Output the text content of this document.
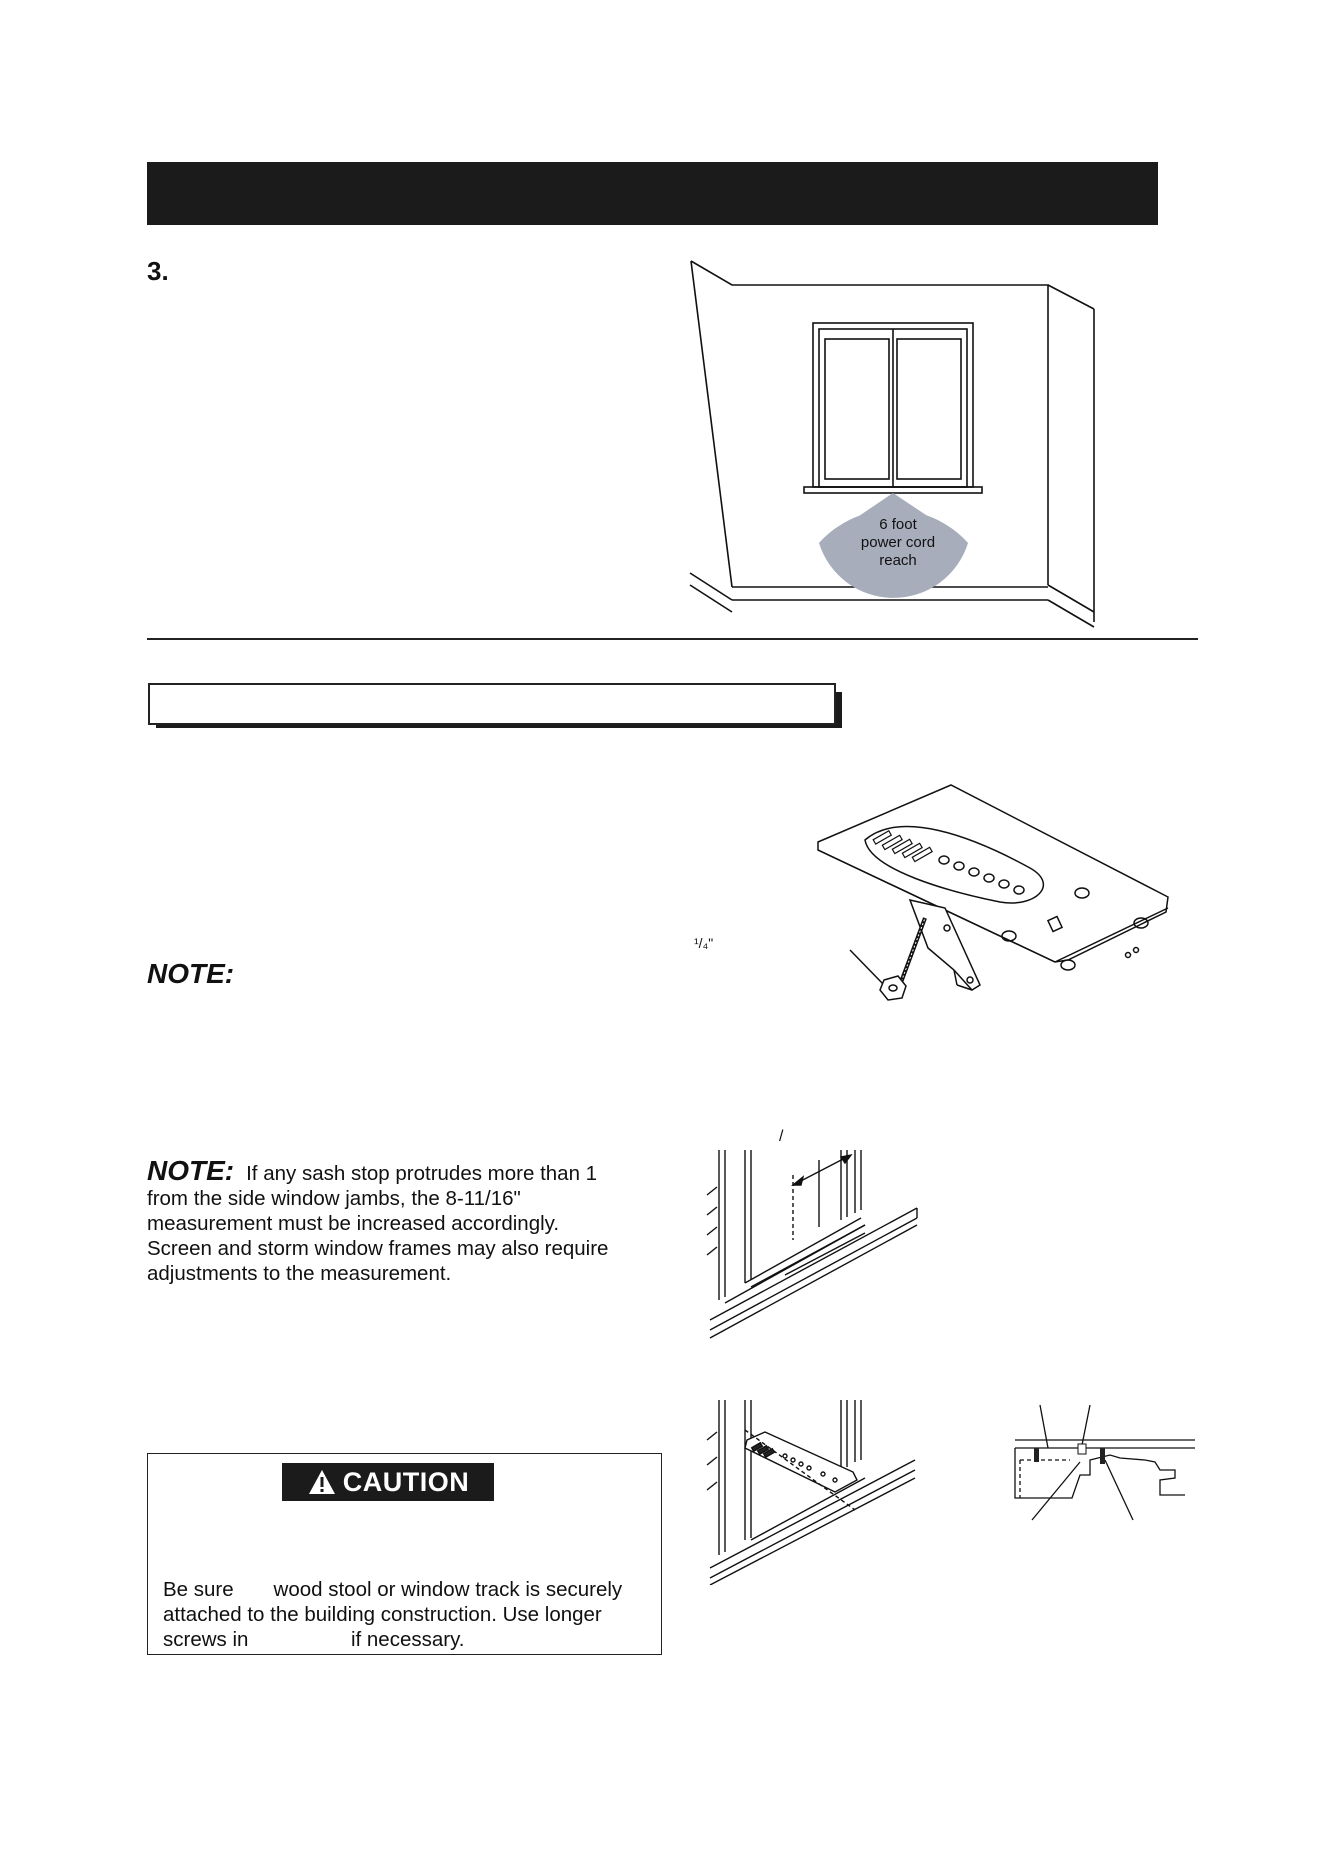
3.
6 foot
power cord
reach
¹/₄"
NOTE:
NOTE: If any sash stop protrudes more than 1
from the side window jambs, the 8-11/16"
measurement must be increased accordingly.
Screen and storm window frames may also require
adjustments to the measurement.
/
CAUTION
Be sure       wood stool or window track is securely
attached to the building construction. Use longer
screws in                  if necessary.
